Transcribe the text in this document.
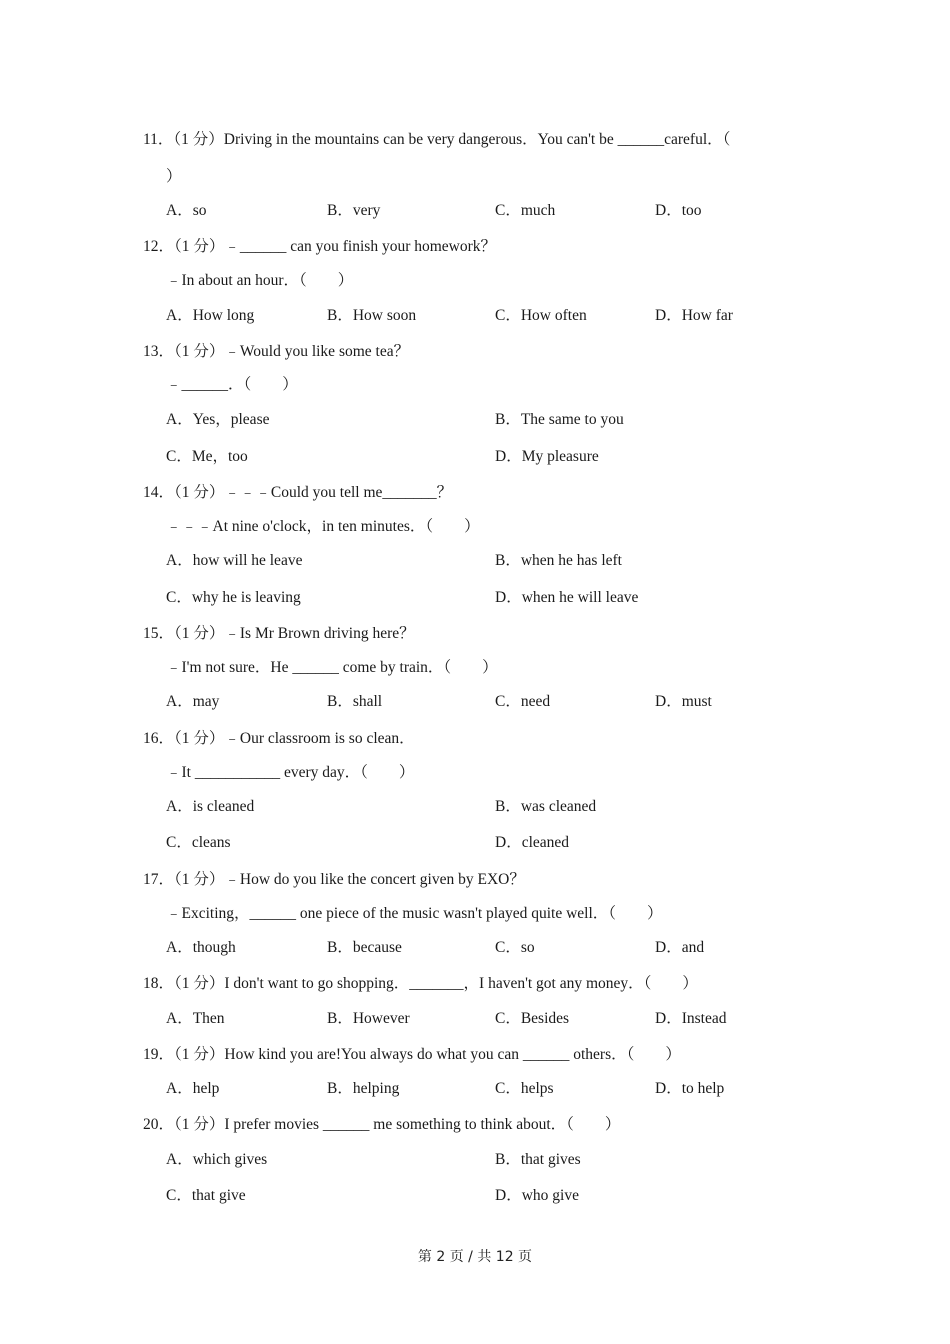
11．（1 分）Driving in the mountains can be very dangerous．You can't be ______careful．（
）
A．so	B．very	C．much	D．too
12．（1 分）﹣______ can you finish your homework？
﹣In about an hour．（　　）
A．How long	B．How soon	C．How often	D．How far
13．（1 分）﹣Would you like some tea？
﹣______．（　　）
A．Yes，please	B．The same to you
C．Me，too	D．My pleasure
14．（1 分）﹣﹣﹣Could you tell me_______？
﹣﹣﹣At nine o'clock，in ten minutes．（　　）
A．how will he leave	B．when he has left
C．why he is leaving	D．when he will leave
15．（1 分）﹣Is Mr Brown driving here？
﹣I'm not sure．He ______ come by train．（　　）
A．may	B．shall	C．need	D．must
16．（1 分）﹣Our classroom is so clean．
﹣It ___________ every day．（　　）
A．is cleaned	B．was cleaned
C．cleans	D．cleaned
17．（1 分）﹣How do you like the concert given by EXO？
﹣Exciting，______ one piece of the music wasn't played quite well．（　　）
A．though	B．because	C．so	D．and
18．（1 分）I don't want to go shopping．_______，I haven't got any money．（　　）
A．Then	B．However	C．Besides	D．Instead
19．（1 分）How kind you are!You always do what you can ______ others．（　　）
A．help	B．helping	C．helps	D．to help
20．（1 分）I prefer movies ______ me something to think about．（　　）
A．which gives	B．that gives
C．that give	D．who give
第 2 页 / 共 12 页
